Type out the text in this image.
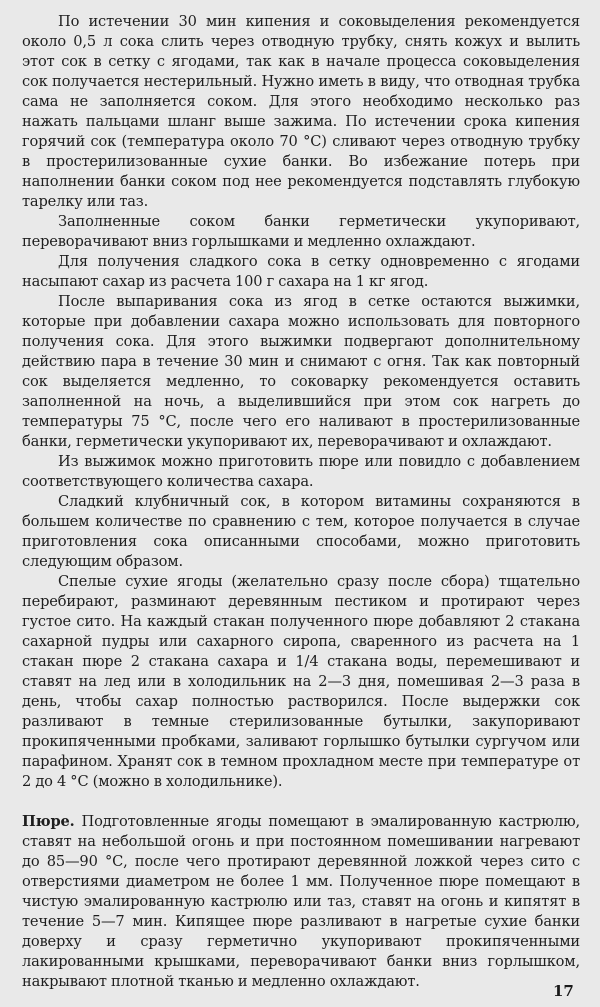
По истечении 30 мин кипения и соковыделения рекомендуется около 0,5 л сока слить через отводную трубку, снять кожух и вылить этот сок в сетку с ягодами, так как в начале процесса соковыделения сок получается нестерильный. Нужно иметь в виду, что отводная трубка сама не заполняется соком. Для этого необходимо несколько раз нажать пальцами шланг выше зажима. По истечении срока кипения горячий сок (температура около 70 °С) сливают через отводную трубку в простерилизованные сухие банки. Во избежание потерь при наполнении банки соком под нее рекомендуется подставлять глубокую тарелку или таз.

Заполненные соком банки герметически укупоривают, переворачивают вниз горлышками и медленно охлаждают.

Для получения сладкого сока в сетку одновременно с ягодами насыпают сахар из расчета 100 г сахара на 1 кг ягод.

После выпаривания сока из ягод в сетке остаются выжимки, которые при добавлении сахара можно использовать для повторного получения сока. Для этого выжимки подвергают дополнительному действию пара в течение 30 мин и снимают с огня. Так как повторный сок выделяется медленно, то соковарку рекомендуется оставить заполненной на ночь, а выделившийся при этом сок нагреть до температуры 75 °С, после чего его наливают в простерилизованные банки, герметически укупоривают их, переворачивают и охлаждают.

Из выжимок можно приготовить пюре или повидло с добавлением соответствующего количества сахара.

Сладкий клубничный сок, в котором витамины сохраняются в большем количестве по сравнению с тем, которое получается в случае приготовления сока описанными способами, можно приготовить следующим образом.

Спелые сухие ягоды (желательно сразу после сбора) тщательно перебирают, разминают деревянным пестиком и протирают через густое сито. На каждый стакан полученного пюре добавляют 2 стакана сахарной пудры или сахарного сиропа, сваренного из расчета на 1 стакан пюре 2 стакана сахара и 1/4 стакана воды, перемешивают и ставят на лед или в холодильник на 2—3 дня, помешивая 2—3 раза в день, чтобы сахар полностью растворился. После выдержки сок разливают в темные стерилизованные бутылки, закупоривают прокипяченными пробками, заливают горлышко бутылки сургучом или парафином. Хранят сок в темном прохладном месте при температуре от 2 до 4 °С (можно в холодильнике).

Пюре. Подготовленные ягоды помещают в эмалированную кастрюлю, ставят на небольшой огонь и при постоянном помешивании нагревают до 85—90 °С, после чего протирают деревянной ложкой через сито с отверстиями диаметром не более 1 мм. Полученное пюре помещают в чистую эмалированную кастрюлю или таз, ставят на огонь и кипятят в течение 5—7 мин. Кипящее пюре разливают в нагретые сухие банки доверху и сразу герметично укупоривают прокипяченными лакированными крышками, переворачивают банки вниз горлышком, накрывают плотной тканью и медленно охлаждают.

17
